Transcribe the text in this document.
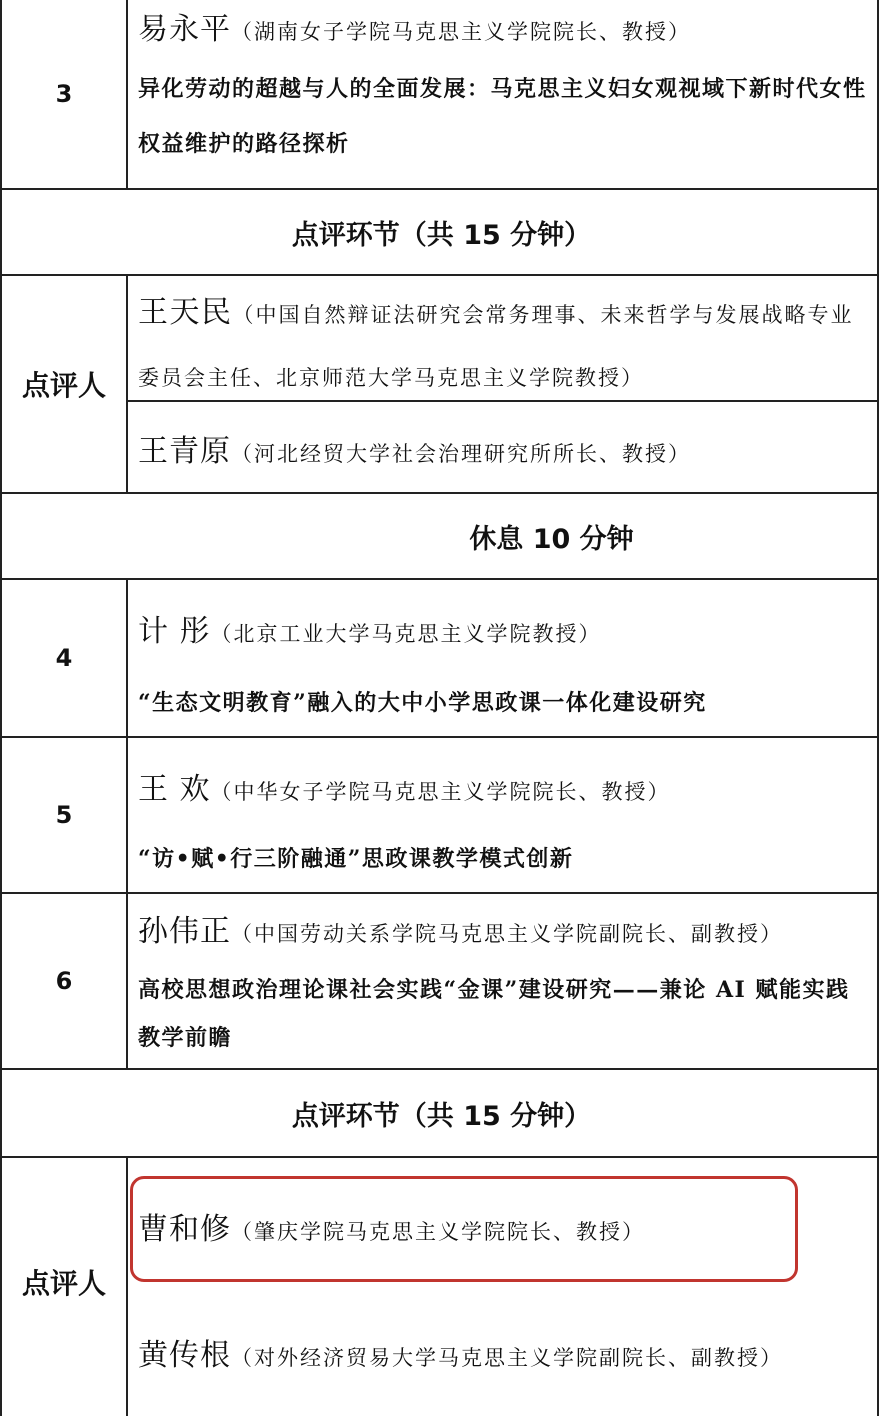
3
易永平（湖南女子学院马克思主义学院院长、教授）
异化劳动的超越与人的全面发展：马克思主义妇女观视域下新时代女性权益维护的路径探析
点评环节（共 15 分钟）
点评人
王天民（中国自然辩证法研究会常务理事、未来哲学与发展战略专业委员会主任、北京师范大学马克思主义学院教授）
王青原（河北经贸大学社会治理研究所所长、教授）
休息 10 分钟
4
计 彤（北京工业大学马克思主义学院教授）
“生态文明教育”融入的大中小学思政课一体化建设研究
5
王 欢（中华女子学院马克思主义学院院长、教授）
“访•赋•行三阶融通”思政课教学模式创新
6
孙伟正（中国劳动关系学院马克思主义学院副院长、副教授）
高校思想政治理论课社会实践“金课”建设研究——兼论 AI 赋能实践教学前瞻
点评环节（共 15 分钟）
点评人
曹和修（肇庆学院马克思主义学院院长、教授）
黄传根（对外经济贸易大学马克思主义学院副院长、副教授）
